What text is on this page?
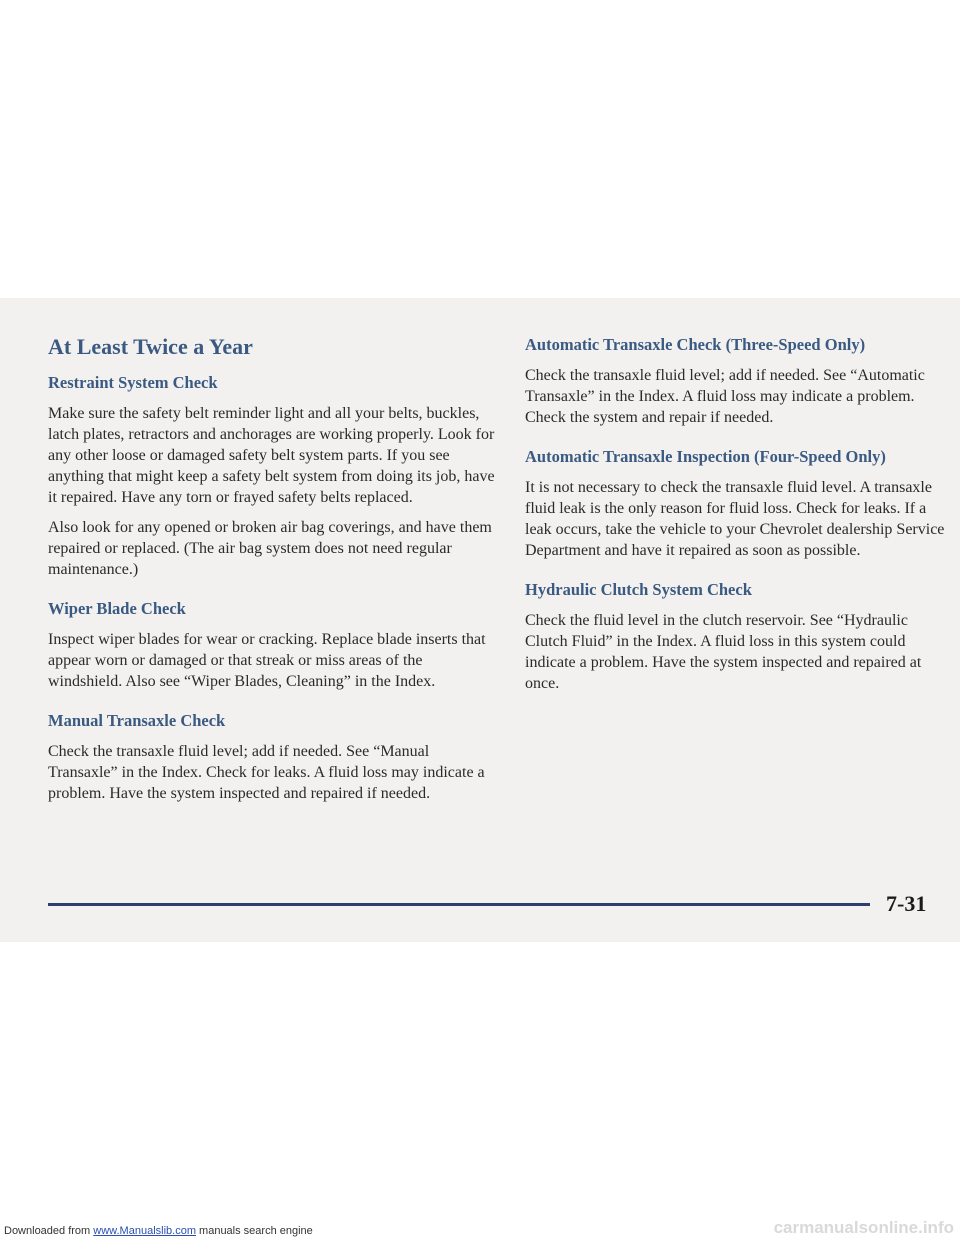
At Least Twice a Year
Restraint System Check

Make sure the safety belt reminder light and all your belts, buckles, latch plates, retractors and anchorages are working properly. Look for any other loose or damaged safety belt system parts. If you see anything that might keep a safety belt system from doing its job, have it repaired. Have any torn or frayed safety belts replaced.

Also look for any opened or broken air bag coverings, and have them repaired or replaced. (The air bag system does not need regular maintenance.)

Wiper Blade Check

Inspect wiper blades for wear or cracking. Replace blade inserts that appear worn or damaged or that streak or miss areas of the windshield. Also see “Wiper Blades, Cleaning” in the Index.

Manual Transaxle Check

Check the transaxle fluid level; add if needed. See “Manual Transaxle” in the Index. Check for leaks. A fluid loss may indicate a problem. Have the system inspected and repaired if needed.

Automatic Transaxle Check (Three-Speed Only)

Check the transaxle fluid level; add if needed. See “Automatic Transaxle” in the Index. A fluid loss may indicate a problem. Check the system and repair if needed.

Automatic Transaxle Inspection (Four-Speed Only)

It is not necessary to check the transaxle fluid level. A transaxle fluid leak is the only reason for fluid loss. Check for leaks. If a leak occurs, take the vehicle to your Chevrolet dealership Service Department and have it repaired as soon as possible.

Hydraulic Clutch System Check

Check the fluid level in the clutch reservoir. See “Hydraulic Clutch Fluid” in the Index. A fluid loss in this system could indicate a problem. Have the system inspected and repaired at once.

7-31
Downloaded from www.Manualslib.com manuals search engine	carmanualsonline.info
